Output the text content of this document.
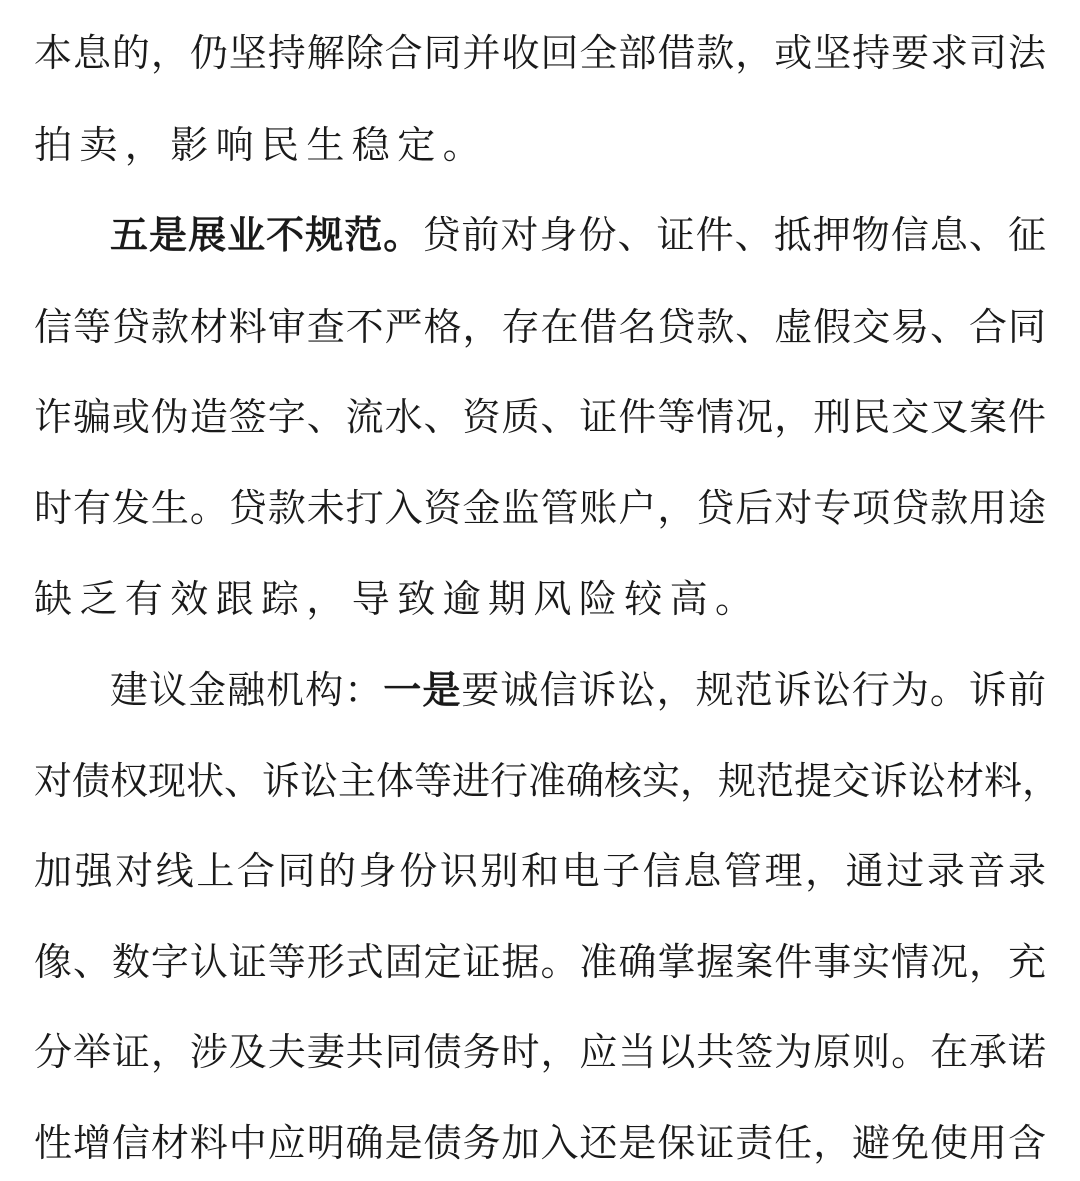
本息的，仍坚持解除合同并收回全部借款，或坚持要求司法
拍卖，影响民生稳定。
五是展业不规范。贷前对身份、证件、抵押物信息、征
信等贷款材料审查不严格，存在借名贷款、虚假交易、合同
诈骗或伪造签字、流水、资质、证件等情况，刑民交叉案件
时有发生。贷款未打入资金监管账户，贷后对专项贷款用途
缺乏有效跟踪，导致逾期风险较高。
建议金融机构：一是要诚信诉讼，规范诉讼行为。诉前
对债权现状、诉讼主体等进行准确核实，规范提交诉讼材料，
加强对线上合同的身份识别和电子信息管理，通过录音录
像、数字认证等形式固定证据。准确掌握案件事实情况，充
分举证，涉及夫妻共同债务时，应当以共签为原则。在承诺
性增信材料中应明确是债务加入还是保证责任，避免使用含
